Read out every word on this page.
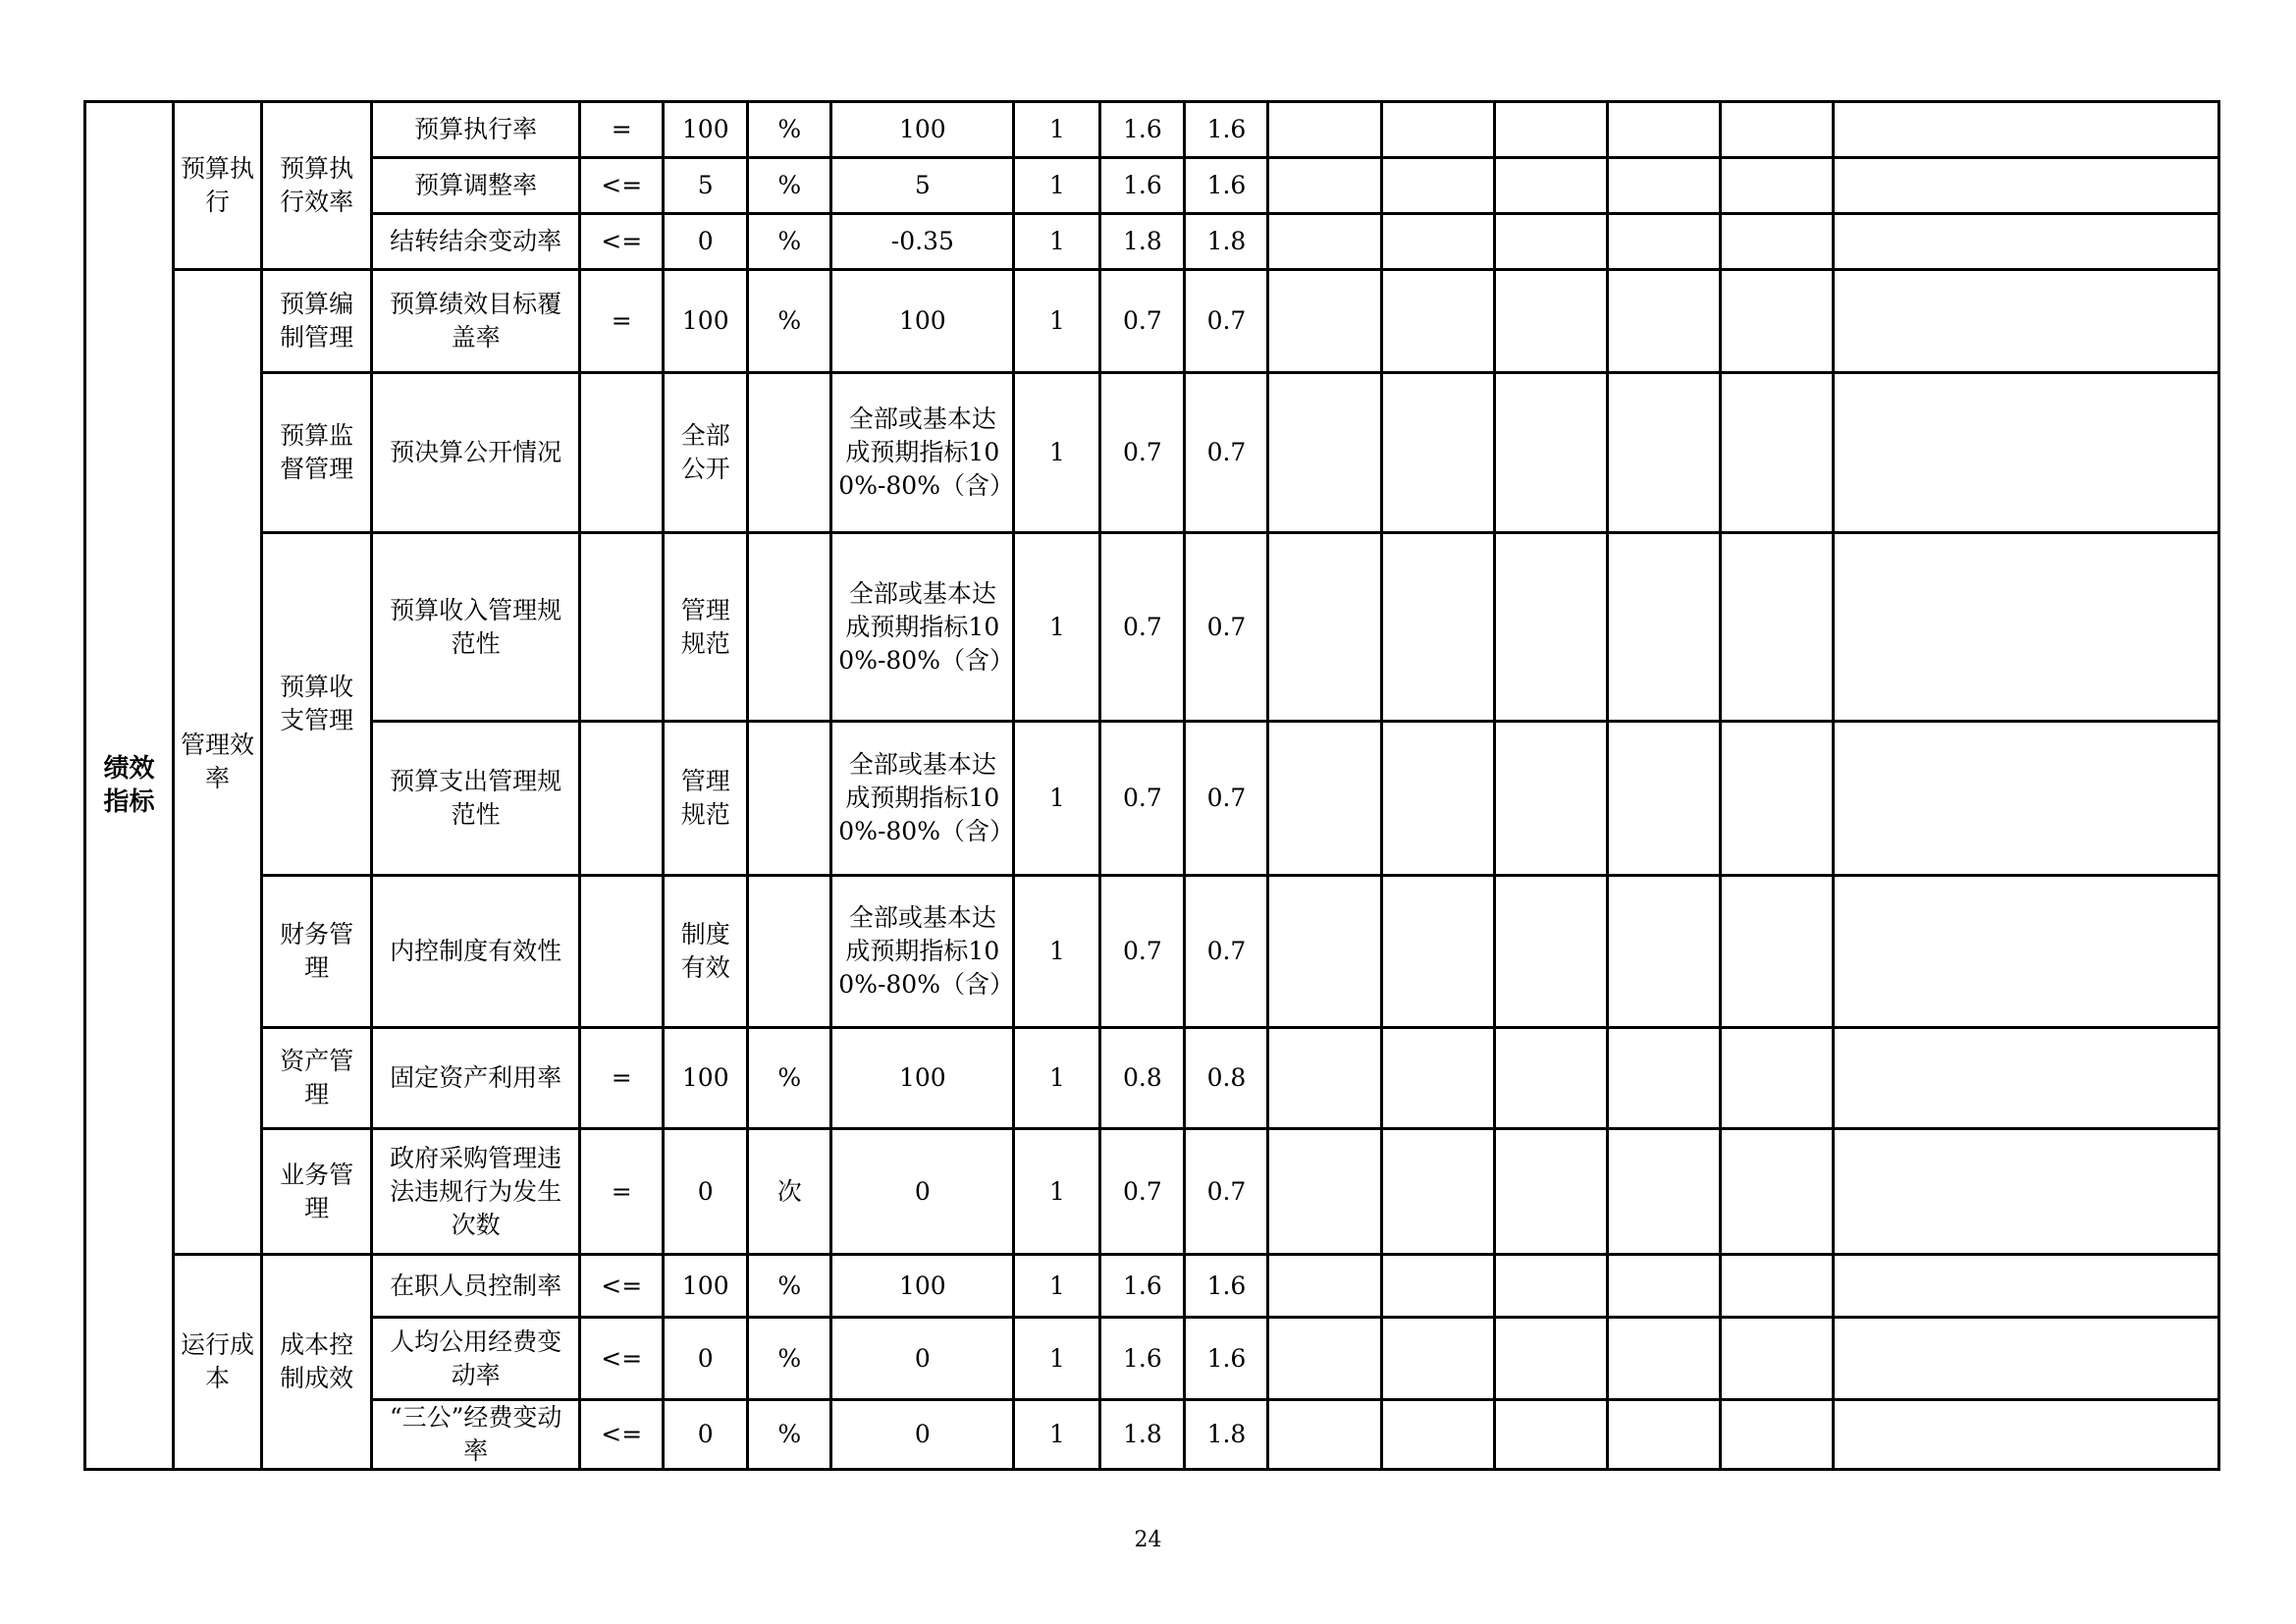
绩效指标	预算执行	预算执行效率	预算执行率	=	100	%	100	1	1.6	1.6						
			预算调整率	<=	5	%	5	1	1.6	1.6						
			结转结余变动率	<=	0	%	-0.35	1	1.8	1.8						
	管理效率	预算编制管理	预算绩效目标覆盖率	=	100	%	100	1	0.7	0.7						
		预算监督管理	预决算公开情况		全部公开		全部或基本达成预期指标100%-80%（含）	1	0.7	0.7						
		预算收支管理	预算收入管理规范性		管理规范		全部或基本达成预期指标100%-80%（含）	1	0.7	0.7						
			预算支出管理规范性		管理规范		全部或基本达成预期指标100%-80%（含）	1	0.7	0.7						
		财务管理	内控制度有效性		制度有效		全部或基本达成预期指标100%-80%（含）	1	0.7	0.7						
		资产管理	固定资产利用率	=	100	%	100	1	0.8	0.8						
		业务管理	政府采购管理违法违规行为发生次数	=	0	次	0	1	0.7	0.7						
	运行成本	成本控制成效	在职人员控制率	<=	100	%	100	1	1.6	1.6						
			人均公用经费变动率	<=	0	%	0	1	1.6	1.6						
			“三公”经费变动率	<=	0	%	0	1	1.8	1.8						
24
